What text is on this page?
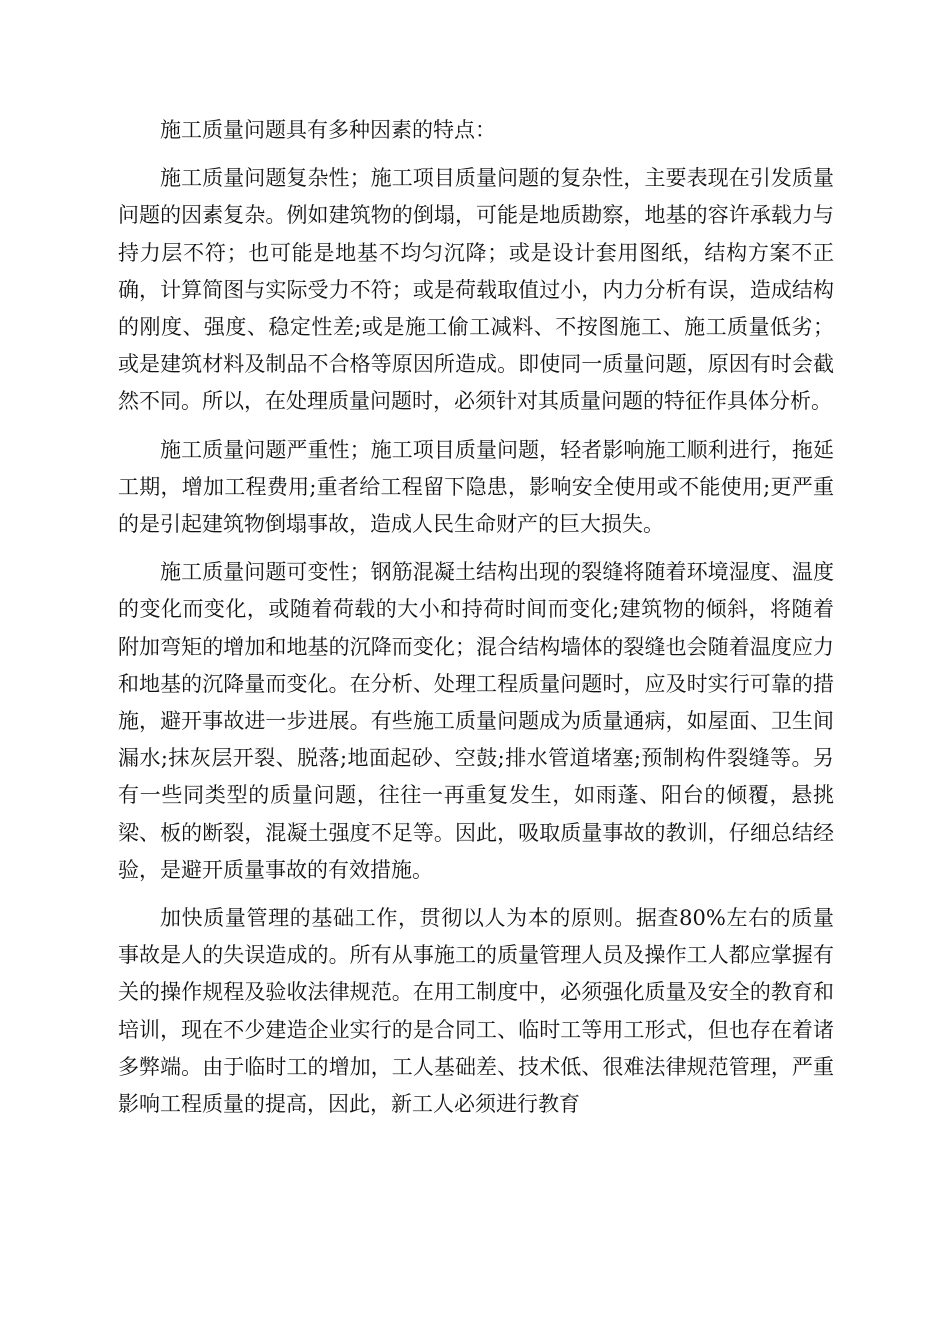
施工质量问题具有多种因素的特点：

施工质量问题复杂性；施工项目质量问题的复杂性，主要表现在引发质量问题的因素复杂。例如建筑物的倒塌，可能是地质勘察，地基的容许承载力与持力层不符；也可能是地基不均匀沉降；或是设计套用图纸，结构方案不正确，计算简图与实际受力不符；或是荷载取值过小，内力分析有误，造成结构的刚度、强度、稳定性差;或是施工偷工减料、不按图施工、施工质量低劣；或是建筑材料及制品不合格等原因所造成。即使同一质量问题，原因有时会截然不同。所以，在处理质量问题时，必须针对其质量问题的特征作具体分析。

施工质量问题严重性；施工项目质量问题，轻者影响施工顺利进行，拖延工期，增加工程费用;重者给工程留下隐患，影响安全使用或不能使用;更严重的是引起建筑物倒塌事故，造成人民生命财产的巨大损失。

施工质量问题可变性；钢筋混凝土结构出现的裂缝将随着环境湿度、温度的变化而变化，或随着荷载的大小和持荷时间而变化;建筑物的倾斜，将随着附加弯矩的增加和地基的沉降而变化；混合结构墙体的裂缝也会随着温度应力和地基的沉降量而变化。在分析、处理工程质量问题时，应及时实行可靠的措施，避开事故进一步进展。有些施工质量问题成为质量通病，如屋面、卫生间漏水;抹灰层开裂、脱落;地面起砂、空鼓;排水管道堵塞;预制构件裂缝等。另有一些同类型的质量问题，往往一再重复发生，如雨蓬、阳台的倾覆，悬挑梁、板的断裂，混凝土强度不足等。因此，吸取质量事故的教训，仔细总结经验，是避开质量事故的有效措施。

加快质量管理的基础工作，贯彻以人为本的原则。据查80%左右的质量事故是人的失误造成的。所有从事施工的质量管理人员及操作工人都应掌握有关的操作规程及验收法律规范。在用工制度中，必须强化质量及安全的教育和培训，现在不少建造企业实行的是合同工、临时工等用工形式，但也存在着诸多弊端。由于临时工的增加，工人基础差、技术低、很难法律规范管理，严重影响工程质量的提高，因此，新工人必须进行教育
